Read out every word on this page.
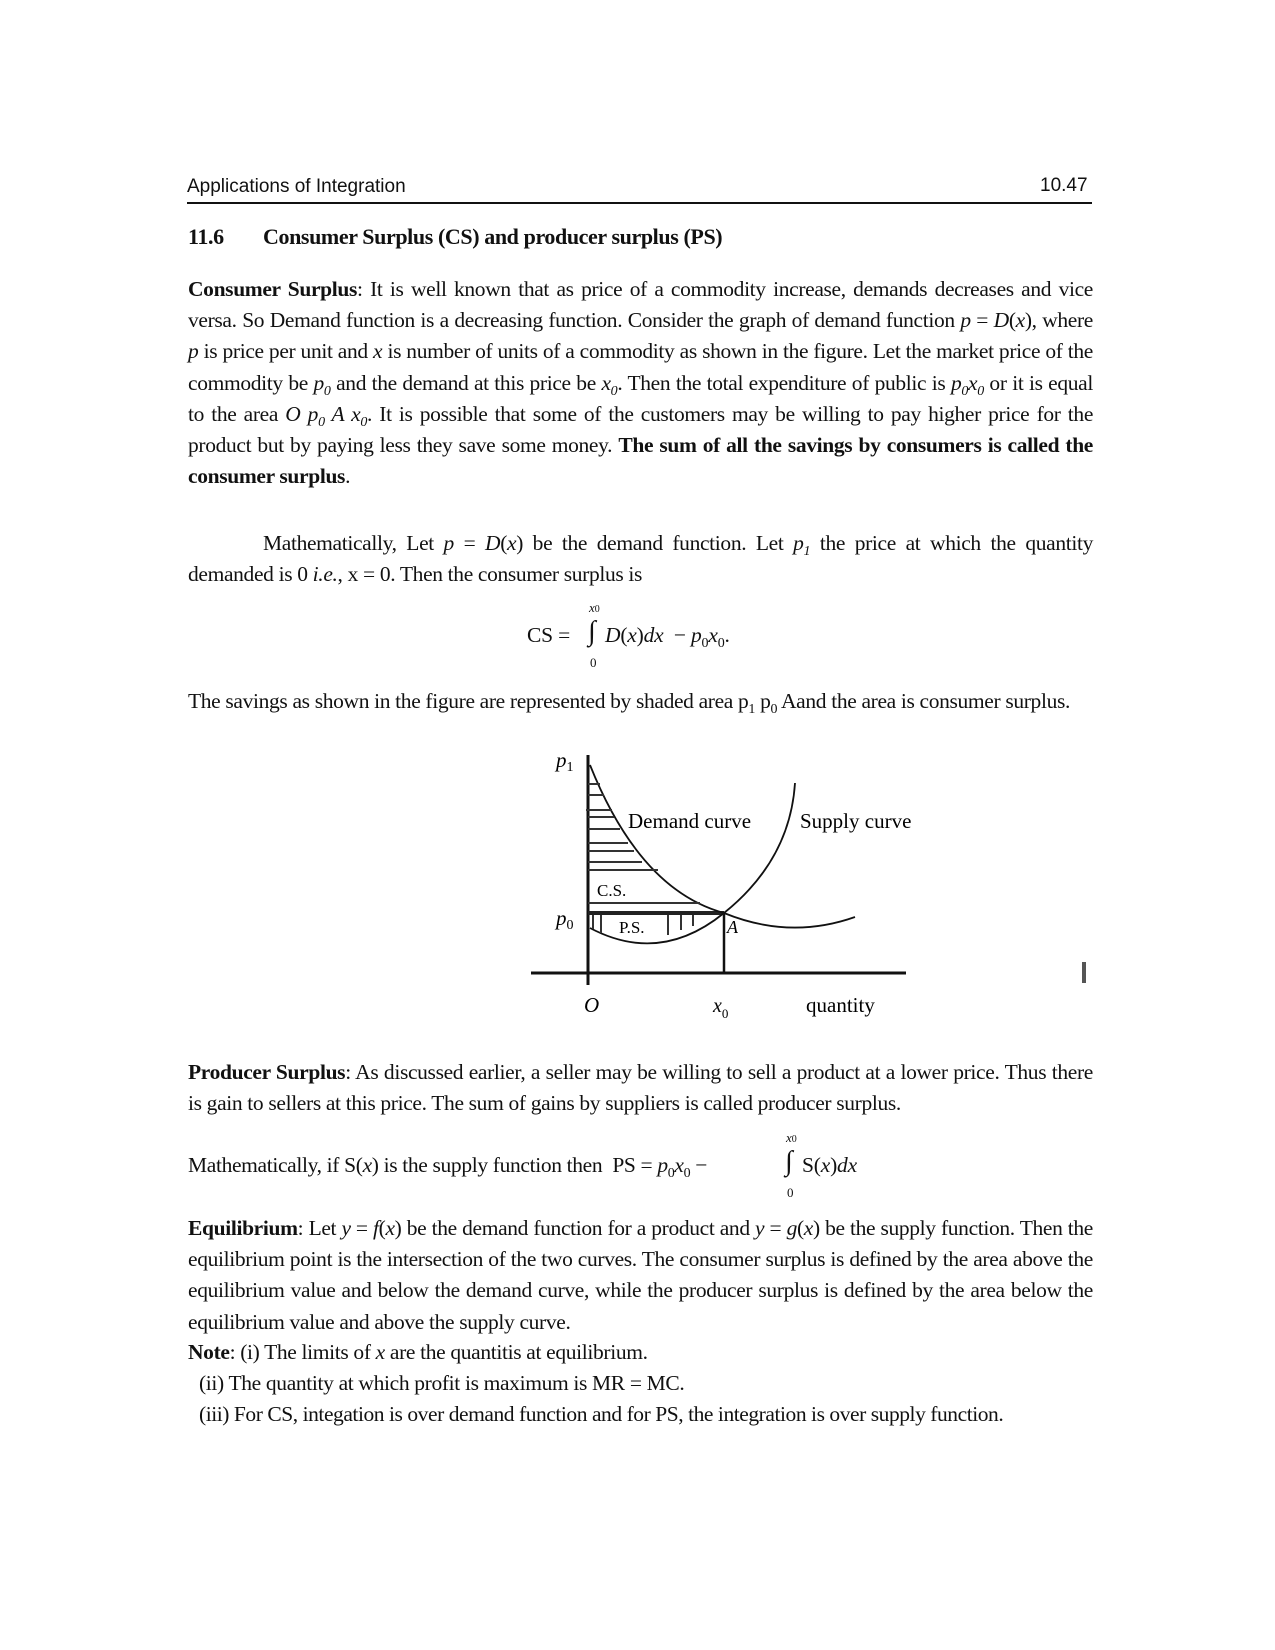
Applications of Integration	10.47
11.6 Consumer Surplus (CS) and producer surplus (PS)
Consumer Surplus: It is well known that as price of a commodity increase, demands decreases and vice versa. So Demand function is a decreasing function. Consider the graph of demand function p = D(x), where p is price per unit and x is number of units of a commodity as shown in the figure. Let the market price of the commodity be $p_0$ and the demand at this price be $x_0$. Then the total expenditure of public is $p_0x_0$ or it is equal to the area O $p_0$ A $x_0$. It is possible that some of the customers may be willing to pay higher price for the product but by paying less they save some money. The sum of all the savings by consumers is called the consumer surplus.
Mathematically, Let p = D(x) be the demand function. Let $p_1$ the price at which the quantity demanded is 0 i.e., x = 0. Then the consumer surplus is
CS =
x0
∫
0
$D(x)dx - p_0x_0$.
The savings as shown in the figure are represented by shaded area $p_1$ $p_0$ Aand the area is consumer surplus.
p1
p0
Demand curve Supply curve
C.S.
P.S.	A
O	$x_0$	quantity
Producer Surplus: As discussed earlier, a seller may be willing to sell a product at a lower price. Thus there is gain to sellers at this price. The sum of gains by suppliers is called producer surplus.
Mathematically, if S(x) is the supply function then  PS = $p_0x_0$ −
x0
∫
0
S(x)dx
Equilibrium: Let y = f(x) be the demand function for a product and y = g(x) be the supply function. Then the equilibrium point is the intersection of the two curves. The consumer surplus is defined by the area above the equilibrium value and below the demand curve, while the producer surplus is defined by the area below the equilibrium value and above the supply curve.
Note: (i) The limits of x are the quantitis at equilibrium.
(ii) The quantity at which profit is maximum is MR = MC.
(iii) For CS, integation is over demand function and for PS, the integration is over supply function.
